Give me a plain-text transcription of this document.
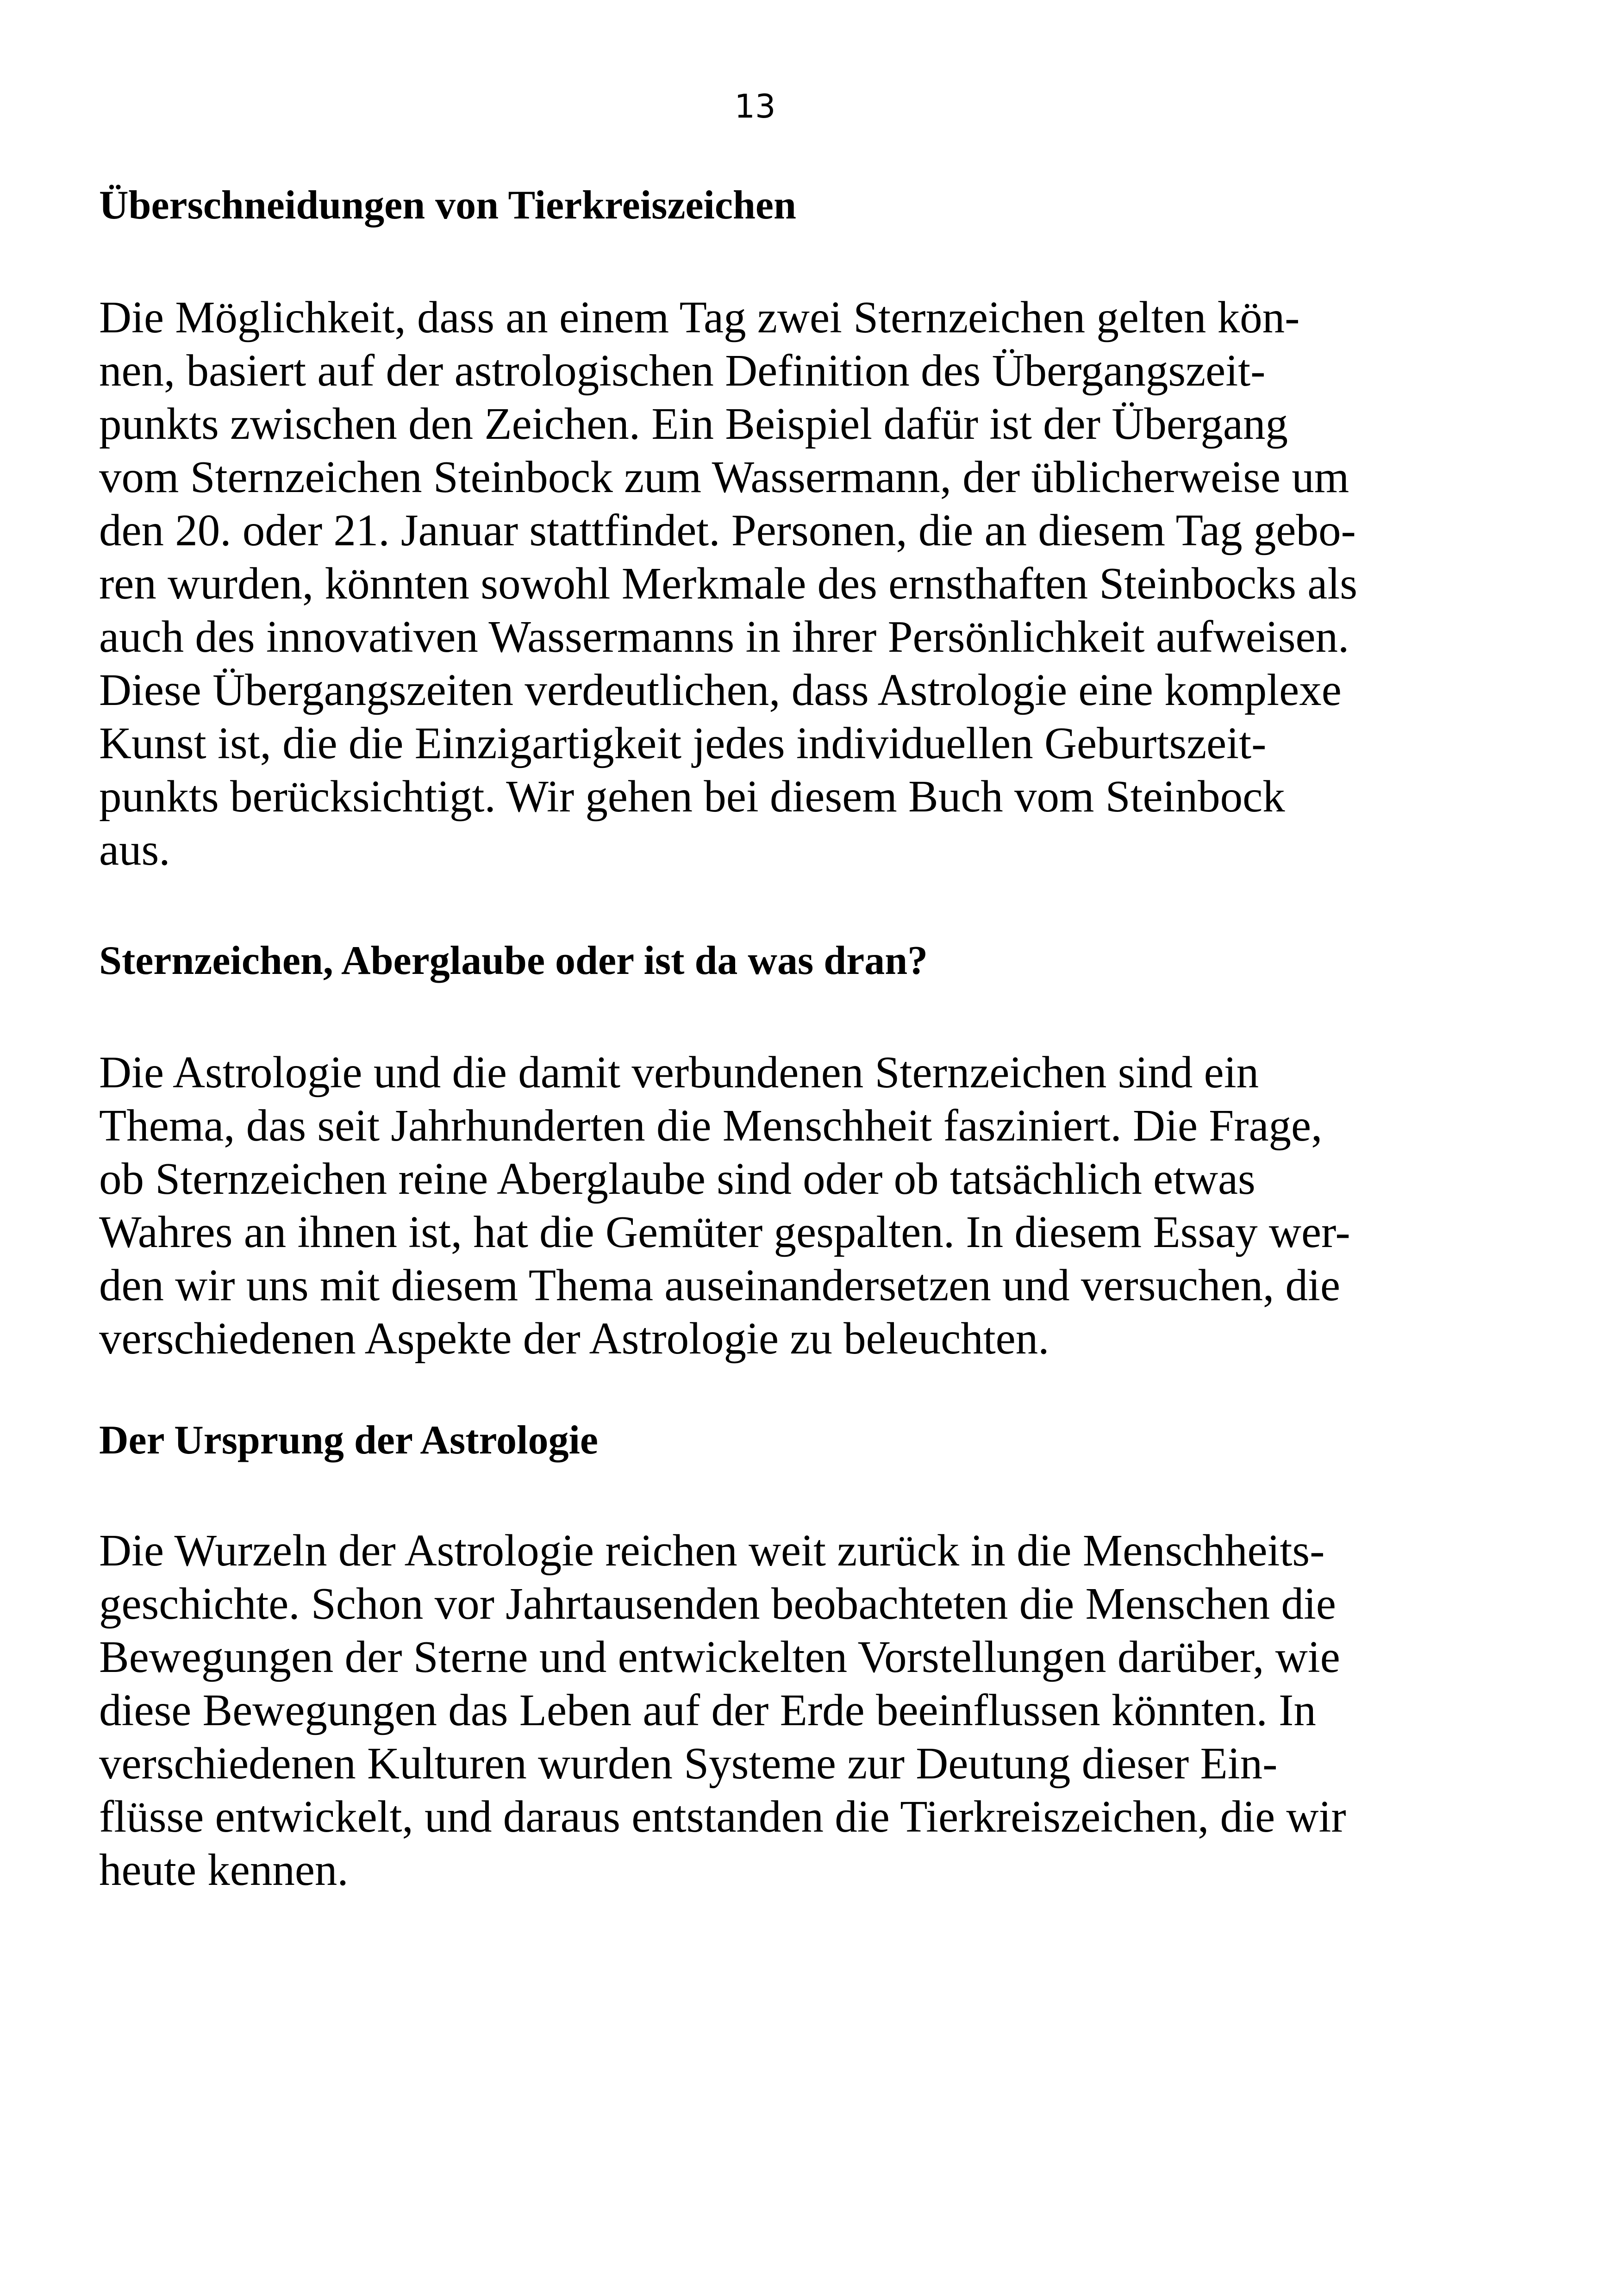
13
Überschneidungen von Tierkreiszeichen
Die Möglichkeit, dass an einem Tag zwei Sternzeichen gelten kön-
nen, basiert auf der astrologischen Definition des Übergangszeit-
punkts zwischen den Zeichen. Ein Beispiel dafür ist der Übergang
vom Sternzeichen Steinbock zum Wassermann, der üblicherweise um
den 20. oder 21. Januar stattfindet. Personen, die an diesem Tag gebo-
ren wurden, könnten sowohl Merkmale des ernsthaften Steinbocks als
auch des innovativen Wassermanns in ihrer Persönlichkeit aufweisen.
Diese Übergangszeiten verdeutlichen, dass Astrologie eine komplexe
Kunst ist, die die Einzigartigkeit jedes individuellen Geburtszeit-
punkts berücksichtigt. Wir gehen bei diesem Buch vom Steinbock
aus.
Sternzeichen, Aberglaube oder ist da was dran?
Die Astrologie und die damit verbundenen Sternzeichen sind ein
Thema, das seit Jahrhunderten die Menschheit fasziniert. Die Frage,
ob Sternzeichen reine Aberglaube sind oder ob tatsächlich etwas
Wahres an ihnen ist, hat die Gemüter gespalten. In diesem Essay wer-
den wir uns mit diesem Thema auseinandersetzen und versuchen, die
verschiedenen Aspekte der Astrologie zu beleuchten.
Der Ursprung der Astrologie
Die Wurzeln der Astrologie reichen weit zurück in die Menschheits-
geschichte. Schon vor Jahrtausenden beobachteten die Menschen die
Bewegungen der Sterne und entwickelten Vorstellungen darüber, wie
diese Bewegungen das Leben auf der Erde beeinflussen könnten. In
verschiedenen Kulturen wurden Systeme zur Deutung dieser Ein-
flüsse entwickelt, und daraus entstanden die Tierkreiszeichen, die wir
heute kennen.
